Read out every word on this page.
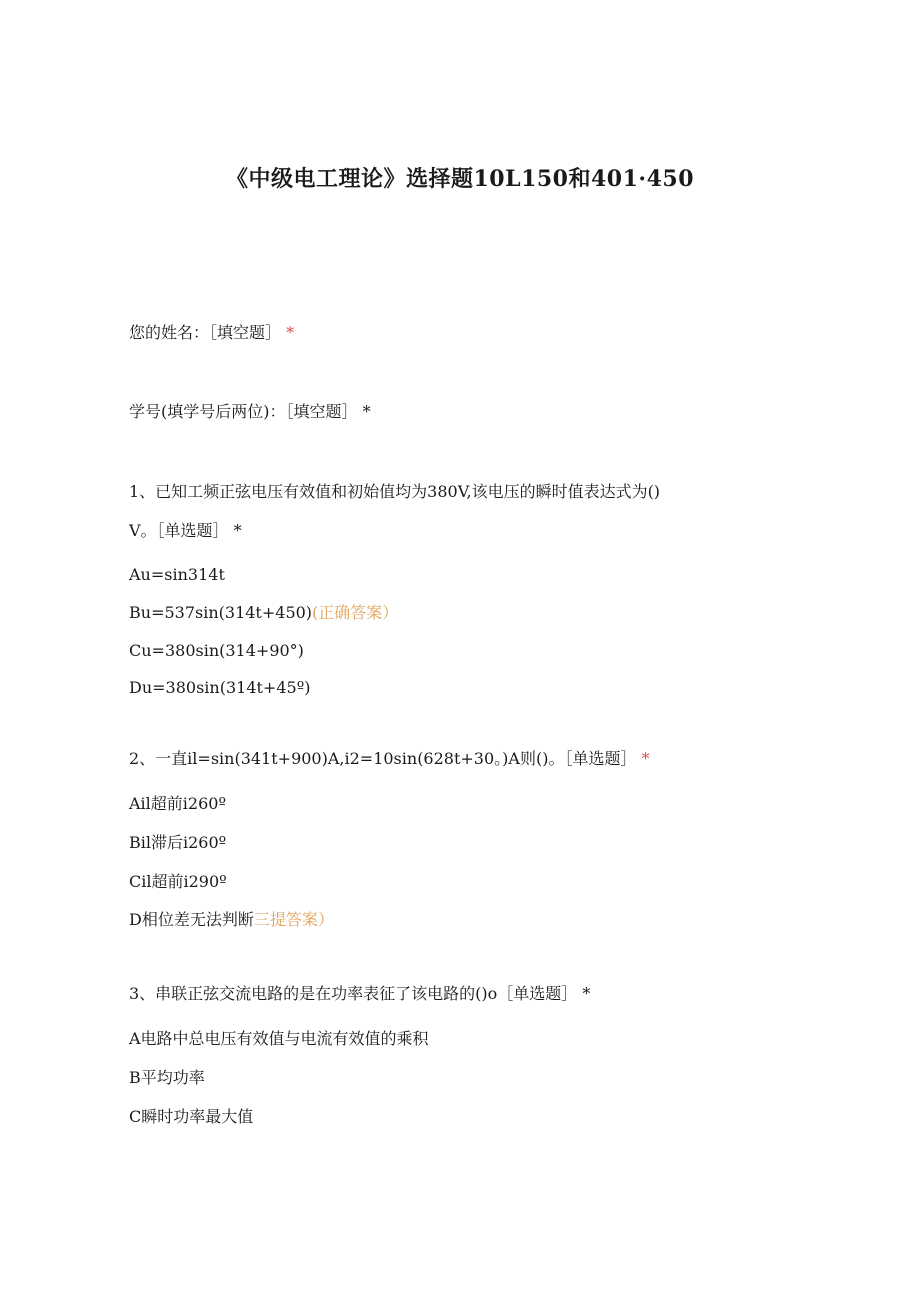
《中级电工理论》选择题10L150和401·450
您的姓名：［填空题］ *
学号(填学号后两位)：［填空题］ *
1、已知工频正弦电压有效值和初始值均为380V,该电压的瞬时值表达式为()
V。［单选题］ *
Au=sin314t
Bu=537sin(314t+450)(正确答案）
Cu=380sin(314+90°)
Du=380sin(314t+45º)
2、一直il=sin(341t+900)A,i2=10sin(628t+30。)A则()。［单选题］ *
Ail超前i260º
Bil滞后i260º
Cil超前i290º
D相位差无法判断三提答案）
3、串联正弦交流电路的是在功率表征了该电路的()o［单选题］ *
A电路中总电压有效值与电流有效值的乘积
B平均功率
C瞬时功率最大值
